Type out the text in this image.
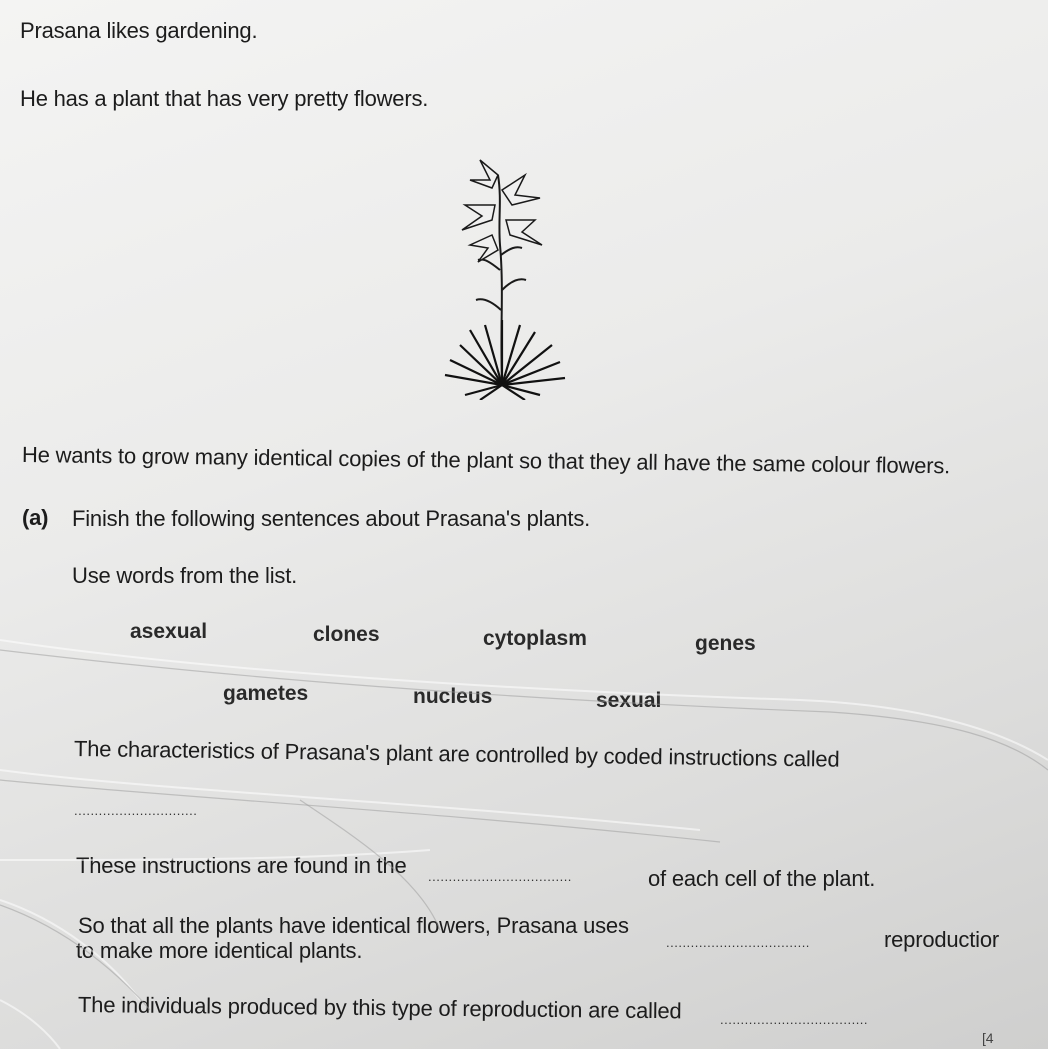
Prasana likes gardening.
He has a plant that has very pretty flowers.
He wants to grow many identical copies of the plant so that they all have the same colour flowers.
(a) Finish the following sentences about Prasana's plants.
Use words from the list.
asexual	clones	cytoplasm	genes
gametes	nucleus	sexual
The characteristics of Prasana's plant are controlled by coded instructions called
..............................
These instructions are found in the ...................................	of each cell of the plant.
So that all the plants have identical flowers, Prasana uses
...................................	reproductior
to make more identical plants.
The individuals produced by this type of reproduction are called	....................................
[4
